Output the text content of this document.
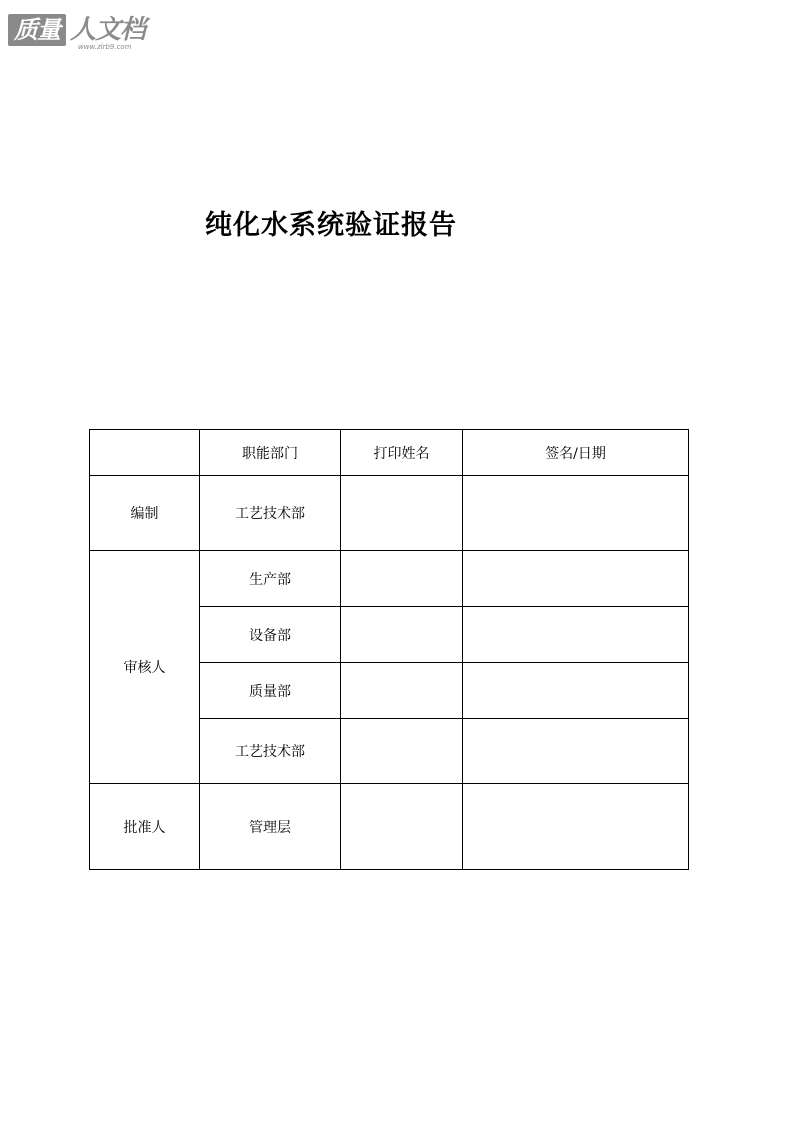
质量 人文档
www.zlrb9.com
纯化水系统验证报告
	职能部门	打印姓名	签名/日期
编制	工艺技术部		
审核人	生产部		
	设备部		
	质量部		
	工艺技术部		
批准人	管理层		
